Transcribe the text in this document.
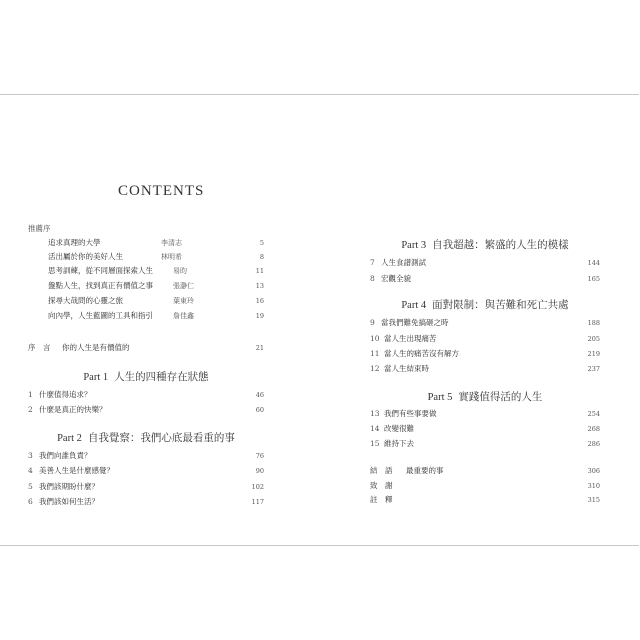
CONTENTS
推薦序
追求真理的大學	李清志	5
活出屬於你的美好人生	林明希	8
思考訓練，從不同層面探索人生	易昀	11
盤點人生，找到真正有價值之事	張瀞仁	13
探尋大哉問的心靈之旅	葉東玲	16
向內學，人生藍圖的工具和指引	詹佳鑫	19
序　言 你的人生是有價值的	21
Part 1 人生的四種存在狀態
1 什麼值得追求？	46
2 什麼是真正的快樂？	60
Part 2 自我覺察：我們心底最看重的事
3 我們向誰負責？	76
4 美善人生是什麼感覺？	90
5 我們該期盼什麼？	102
6 我們該如何生活？	117
Part 3 自我超越：繁盛的人生的模樣
7 人生食譜測試	144
8 宏觀全貌	165
Part 4 面對限制：與苦難和死亡共處
9 當我們難免搞砸之時	188
10 當人生出現痛苦	205
11 當人生的痛苦沒有解方	219
12 當人生結束時	237
Part 5 實踐值得活的人生
13 我們有些事要做	254
14 改變很難	268
15 維持下去	286
結　語 最重要的事	306
致　謝	310
註　釋	315
